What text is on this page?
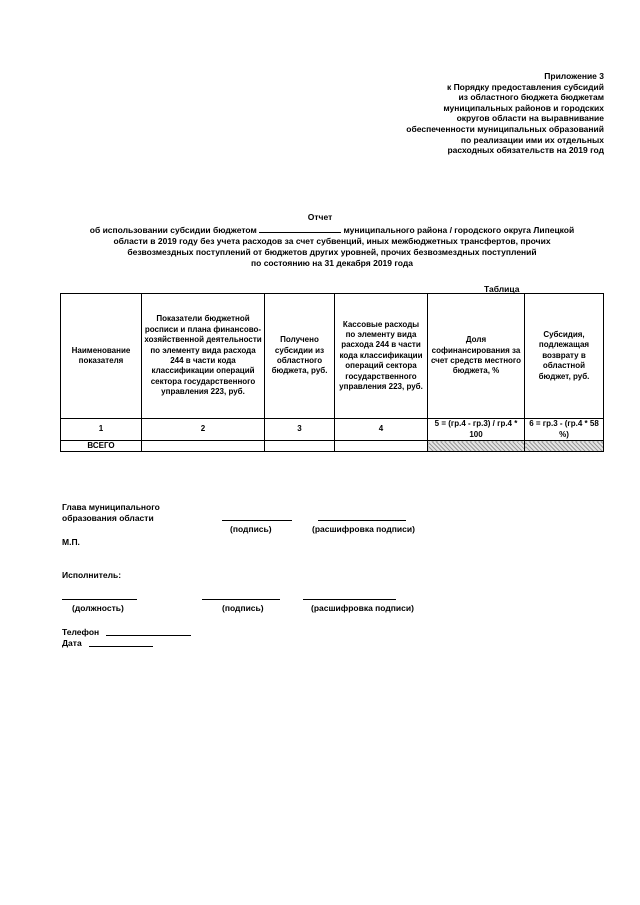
Приложение 3
к Порядку предоставления субсидий
из областного бюджета бюджетам
муниципальных районов и городских
округов области на выравнивание
обеспеченности муниципальных образований
по реализации ими их отдельных
расходных обязательств на 2019 год
Отчет
об использовании субсидии бюджетом	муниципального района / городского округа Липецкой
области в 2019 году без учета расходов за счет субвенций, иных межбюджетных трансфертов, прочих
безвозмездных поступлений от бюджетов других уровней, прочих безвозмездных поступлений
по состоянию на 31 декабря 2019 года
Таблица
Наименование показателя	Показатели бюджетной росписи и плана финансово-хозяйственной деятельности по элементу вида расхода 244 в части кода классификации операций сектора государственного управления 223, руб.	Получено субсидии из областного бюджета, руб.	Кассовые расходы по элементу вида расхода 244 в части кода классификации операций сектора государственного управления 223, руб.	Доля софинансирования за счет средств местного бюджета, %	Субсидия, подлежащая возврату в областной бюджет, руб.
1	2	3	4	5 = (гр.4 - гр.3) / гр.4 * 100	6 = гр.3 - (гр.4 * 58 %)
ВСЕГО					
Глава муниципального
образования области
(подпись)	(расшифровка подписи)
М.П.
Исполнитель:
(должность)	(подпись)	(расшифровка подписи)
Телефон
Дата
